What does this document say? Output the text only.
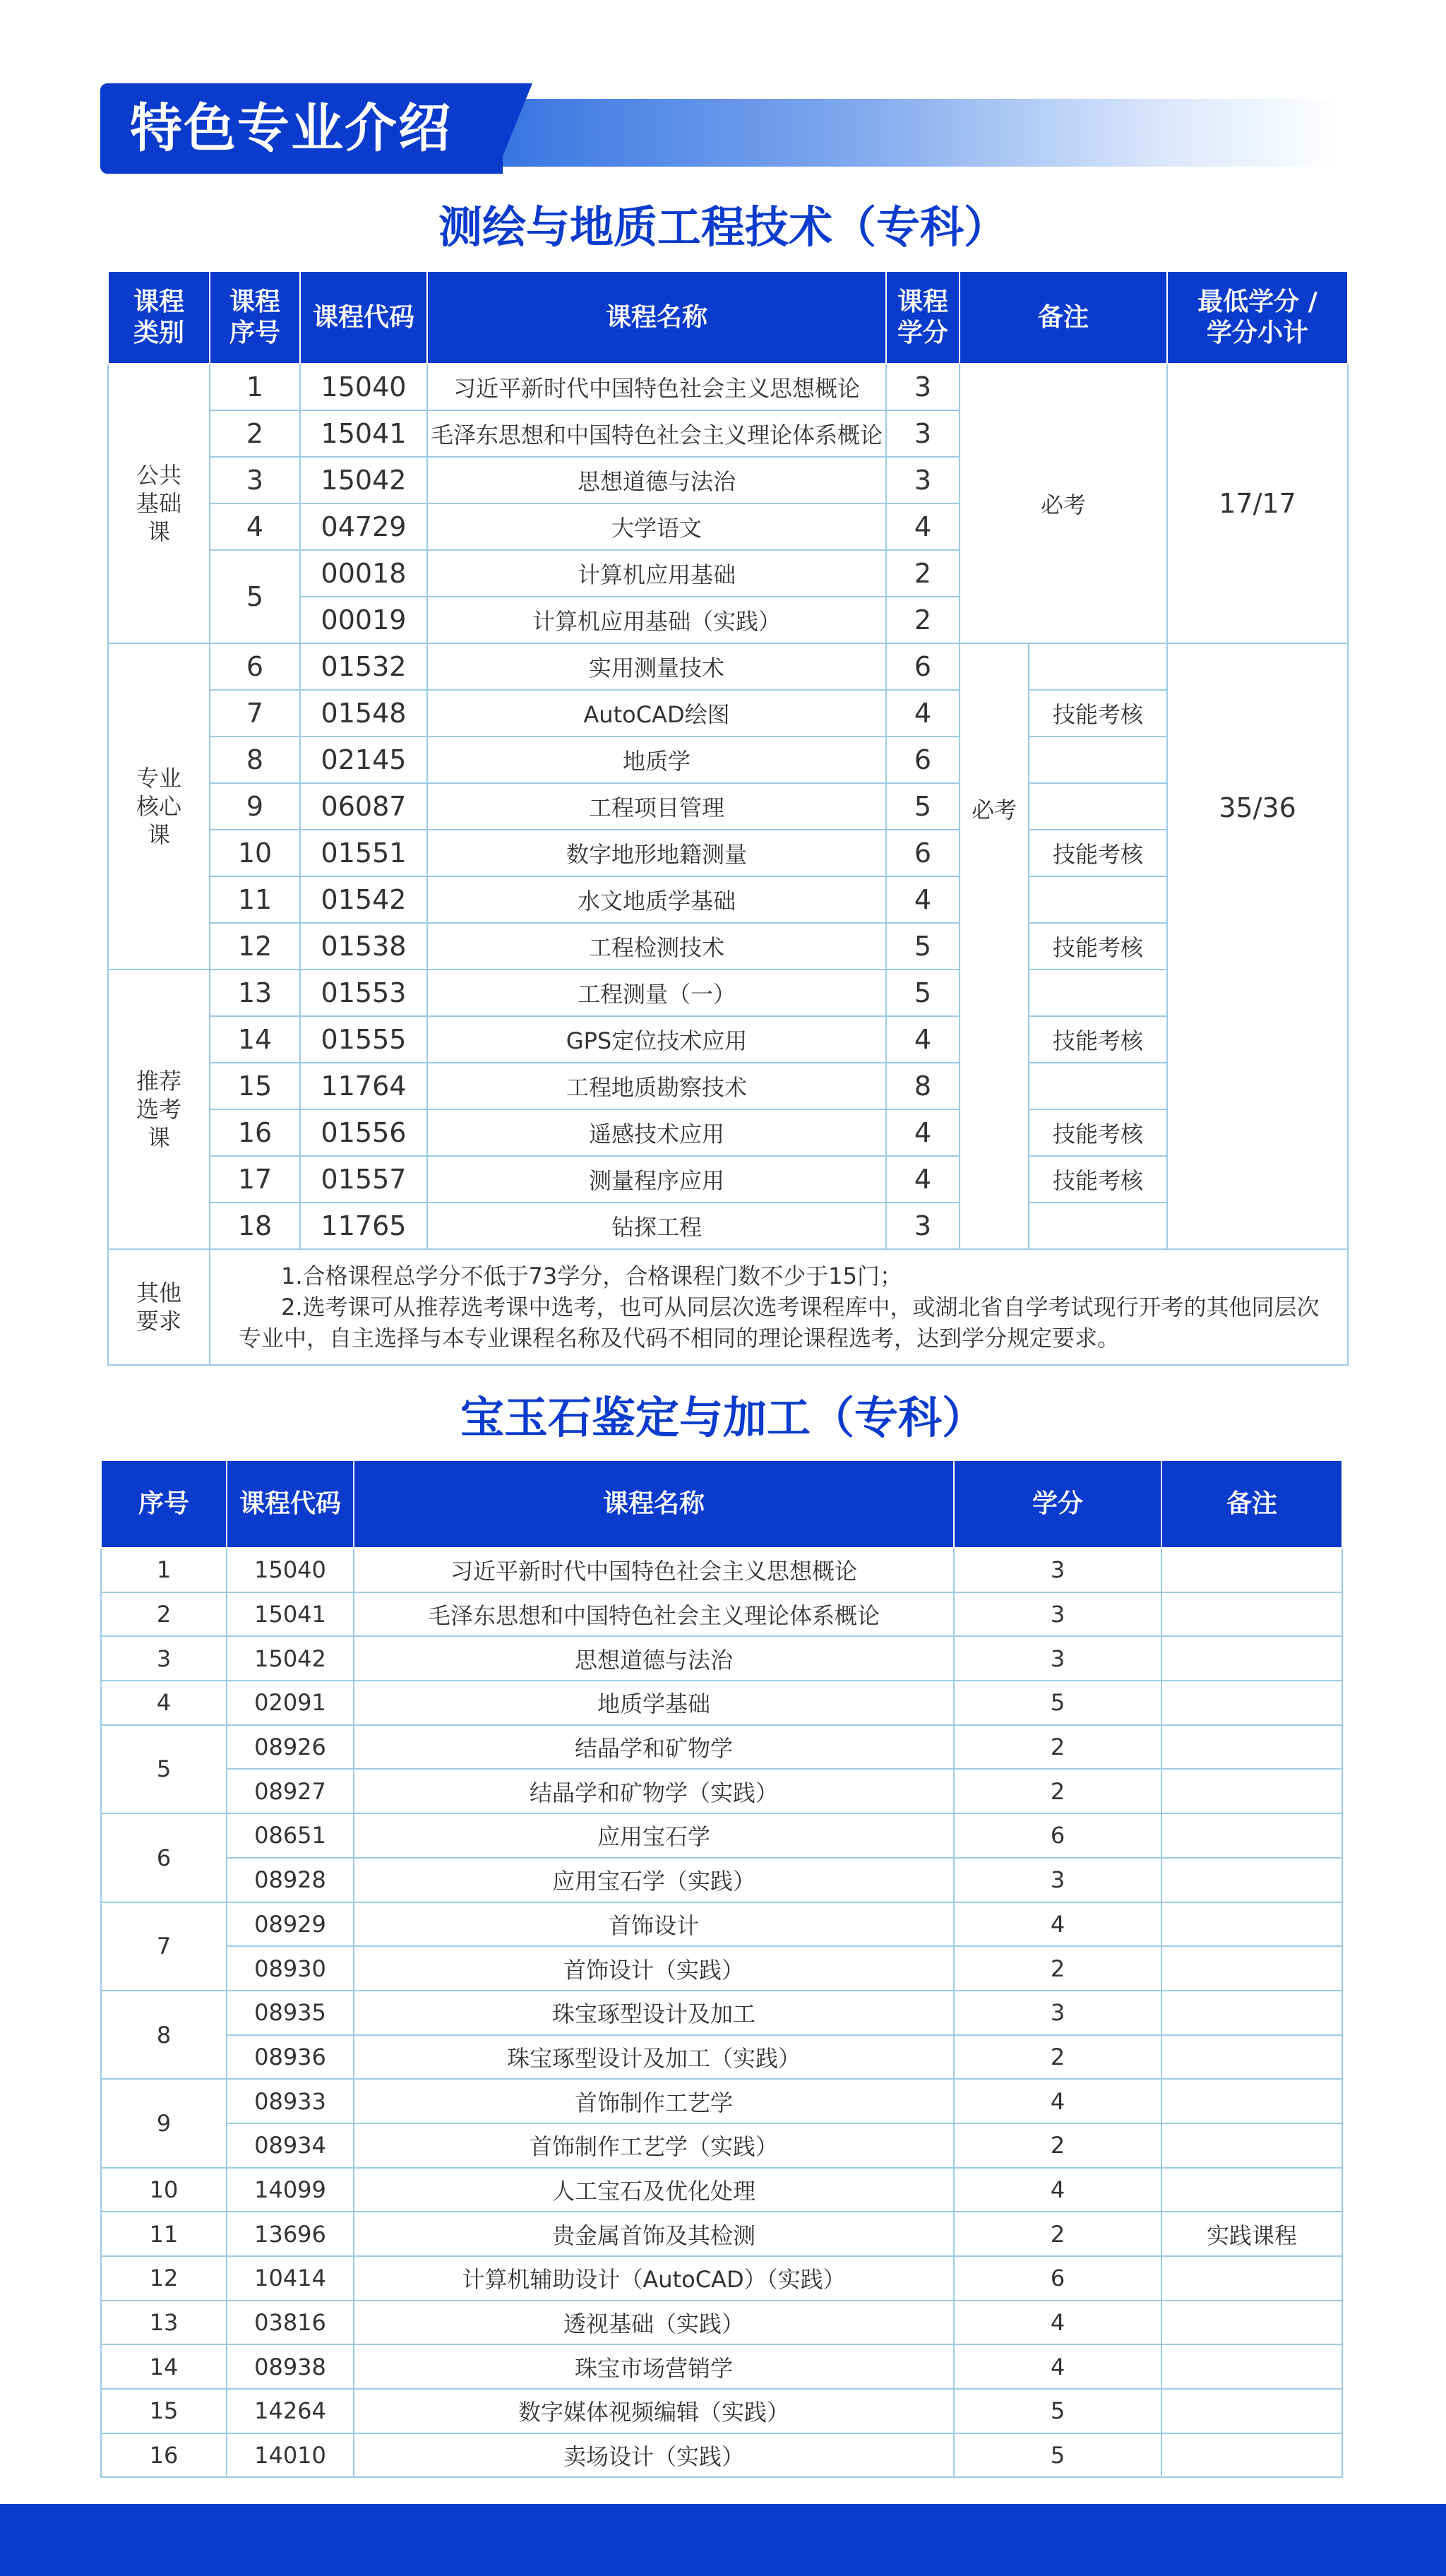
特色专业介绍
测绘与地质工程技术（专科）
课程类别	课程序号	课程代码	课程名称	课程学分	备注		最低学分 / 学分小计
公共基础课	1	15040	习近平新时代中国特色社会主义思想概论	3	必考		17/17
	2	15041	毛泽东思想和中国特色社会主义理论体系概论	3			
	3	15042	思想道德与法治	3			
	4	04729	大学语文	4			
	5	00018	计算机应用基础	2			
		00019	计算机应用基础（实践）	2			
专业核心课	6	01532	实用测量技术	6	必考		35/36
	7	01548	AutoCAD绘图	4		技能考核	
	8	02145	地质学	6			
	9	06087	工程项目管理	5			
	10	01551	数字地形地籍测量	6		技能考核	
	11	01542	水文地质学基础	4			
	12	01538	工程检测技术	5		技能考核	
推荐选考课	13	01553	工程测量（一）	5			
	14	01555	GPS定位技术应用	4		技能考核	
	15	11764	工程地质勘察技术	8			
	16	01556	遥感技术应用	4		技能考核	
	17	01557	测量程序应用	4		技能考核	
	18	11765	钻探工程	3			
其他要求	1.合格课程总学分不低于73学分，合格课程门数不少于15门；
2.选考课可从推荐选考课中选考，也可从同层次选考课程库中，或湖北省自学考试现行开考的其他同层次专业中，自主选择与本专业课程名称及代码不相同的理论课程选考，达到学分规定要求。						
宝玉石鉴定与加工（专科）
序号	课程代码	课程名称	学分	备注
1	15040	习近平新时代中国特色社会主义思想概论	3	
2	15041	毛泽东思想和中国特色社会主义理论体系概论	3	
3	15042	思想道德与法治	3	
4	02091	地质学基础	5	
5	08926	结晶学和矿物学	2	
	08927	结晶学和矿物学（实践）	2	
6	08651	应用宝石学	6	
	08928	应用宝石学（实践）	3	
7	08929	首饰设计	4	
	08930	首饰设计（实践）	2	
8	08935	珠宝琢型设计及加工	3	
	08936	珠宝琢型设计及加工（实践）	2	
9	08933	首饰制作工艺学	4	
	08934	首饰制作工艺学（实践）	2	
10	14099	人工宝石及优化处理	4	
11	13696	贵金属首饰及其检测	2	实践课程
12	10414	计算机辅助设计（AutoCAD）（实践）	6	
13	03816	透视基础（实践）	4	
14	08938	珠宝市场营销学	4	
15	14264	数字媒体视频编辑（实践）	5	
16	14010	卖场设计（实践）	5	
